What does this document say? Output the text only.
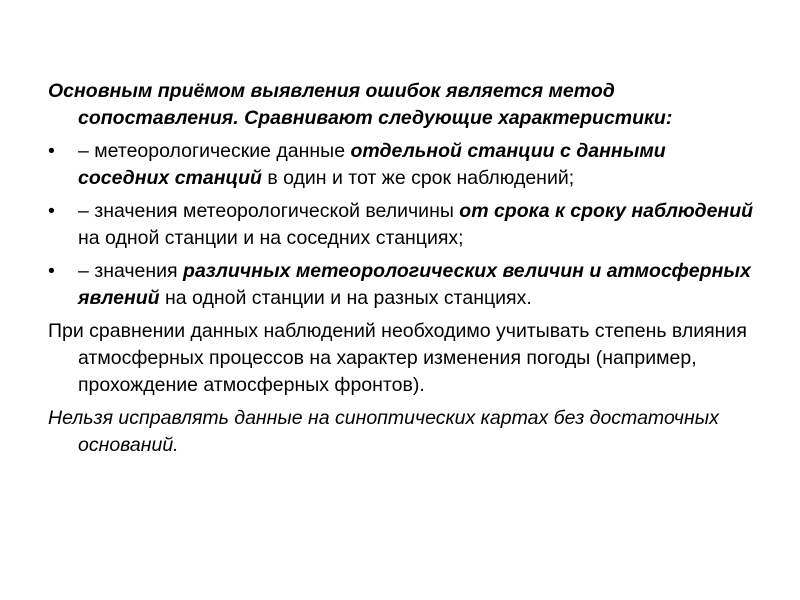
Основным приёмом выявления ошибок является метод сопоставления. Сравнивают следующие характеристики:

•	– метеорологические данные отдельной станции с данными соседних станций в один и тот же срок наблюдений;
•	– значения метеорологической величины от срока к сроку наблюдений на одной станции и на соседних станциях;
•	– значения различных метеорологических величин и атмосферных явлений на одной станции и на разных станциях.

При сравнении данных наблюдений необходимо учитывать степень влияния атмосферных процессов на характер изменения погоды (например, прохождение атмосферных фронтов).

Нельзя исправлять данные на синоптических картах без достаточных оснований.
